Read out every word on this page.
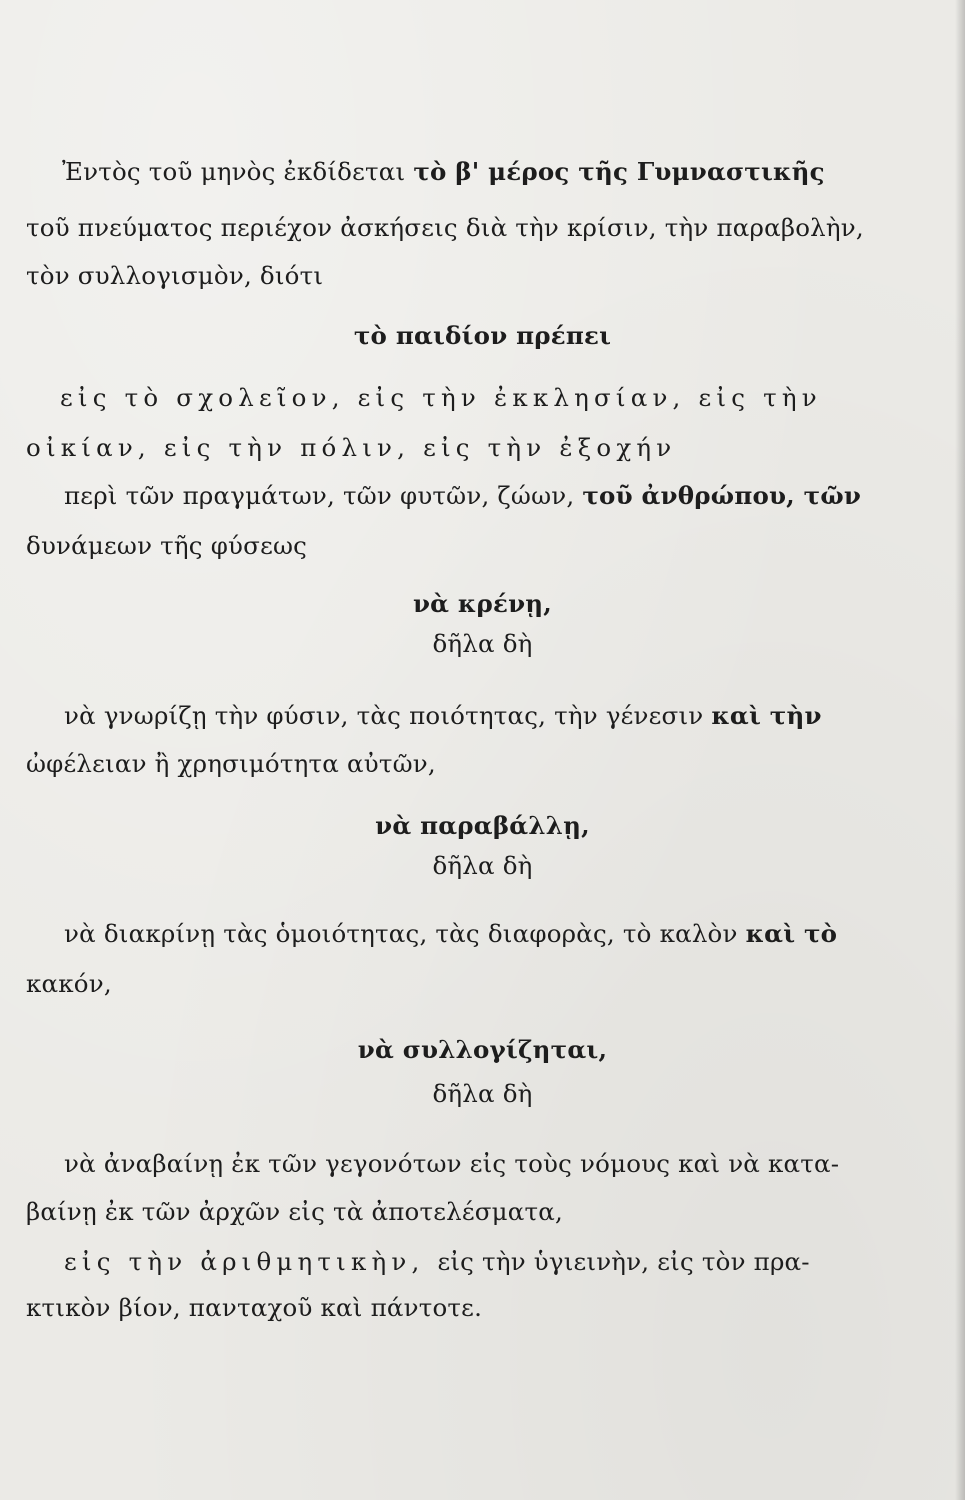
Ἐντὸς τοῦ μηνὸς ἐκδίδεται τὸ β' μέρος τῆς Γυμναστικῆς
τοῦ πνεύματος περιέχον ἀσκήσεις διὰ τὴν κρίσιν, τὴν παραβολὴν,
τὸν συλλογισμὸν, διότι
τὸ παιδίον πρέπει
εἰς τὸ σχολεῖον, εἰς τὴν ἐκκλησίαν, εἰς τὴν
οἰκίαν, εἰς τὴν πόλιν, εἰς τὴν ἐξοχήν
περὶ τῶν πραγμάτων, τῶν φυτῶν, ζώων, τοῦ ἀνθρώπου, τῶν
δυνάμεων τῆς φύσεως
νὰ κρένῃ,
δῆλα δὴ
νὰ γνωρίζῃ τὴν φύσιν, τὰς ποιότητας, τὴν γένεσιν καὶ τὴν
ὠφέλειαν ἢ χρησιμότητα αὐτῶν,
νὰ παραβάλλῃ,
δῆλα δὴ
νὰ διακρίνῃ τὰς ὁμοιότητας, τὰς διαφορὰς, τὸ καλὸν καὶ τὸ
κακόν,
νὰ συλλογίζηται,
δῆλα δὴ
νὰ ἀναβαίνῃ ἐκ τῶν γεγονότων εἰς τοὺς νόμους καὶ νὰ κατα-
βαίνῃ ἐκ τῶν ἀρχῶν εἰς τὰ ἀποτελέσματα,
εἰς τὴν ἀριθμητικὴν, εἰς τὴν ὑγιεινὴν, εἰς τὸν πρα-
κτικὸν βίον, πανταχοῦ καὶ πάντοτε.
